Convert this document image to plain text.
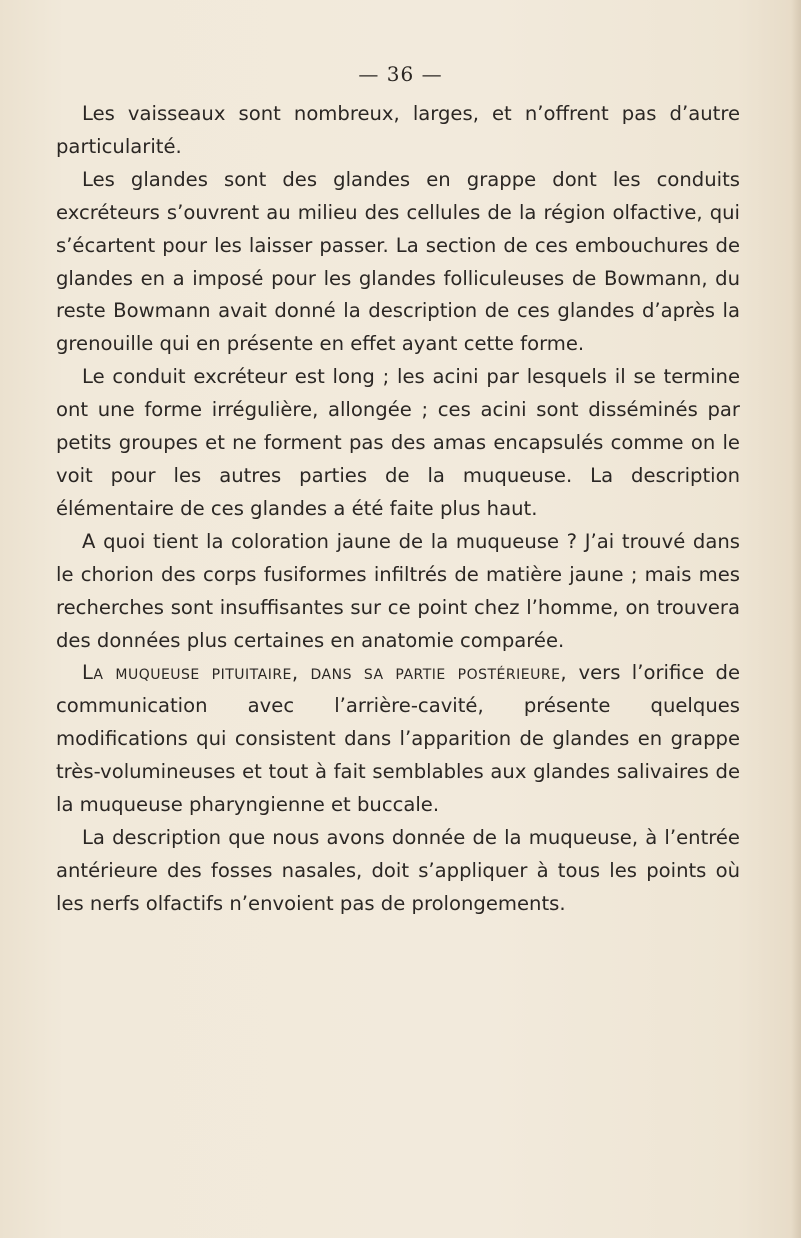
— 36 —

Les vaisseaux sont nombreux, larges, et n’offrent pas d’autre particularité.

Les glandes sont des glandes en grappe dont les conduits excréteurs s’ouvrent au milieu des cellules de la région olfactive, qui s’écartent pour les laisser passer. La section de ces embouchures de glandes en a imposé pour les glandes folliculeuses de Bowmann, du reste Bowmann avait donné la description de ces glandes d’après la grenouille qui en présente en effet ayant cette forme.

Le conduit excréteur est long ; les acini par lesquels il se termine ont une forme irrégulière, allongée ; ces acini sont disséminés par petits groupes et ne forment pas des amas encapsulés comme on le voit pour les autres parties de la muqueuse. La description élémentaire de ces glandes a été faite plus haut.

A quoi tient la coloration jaune de la muqueuse ? J’ai trouvé dans le chorion des corps fusiformes infiltrés de matière jaune ; mais mes recherches sont insuffisantes sur ce point chez l’homme, on trouvera des données plus certaines en anatomie comparée.

La muqueuse pituitaire, dans sa partie postérieure, vers l’orifice de communication avec l’arrière-cavité, présente quelques modifications qui consistent dans l’apparition de glandes en grappe très-volumineuses et tout à fait semblables aux glandes salivaires de la muqueuse pharyngienne et buccale.

La description que nous avons donnée de la muqueuse, à l’entrée antérieure des fosses nasales, doit s’appliquer à tous les points où les nerfs olfactifs n’envoient pas de prolongements.
